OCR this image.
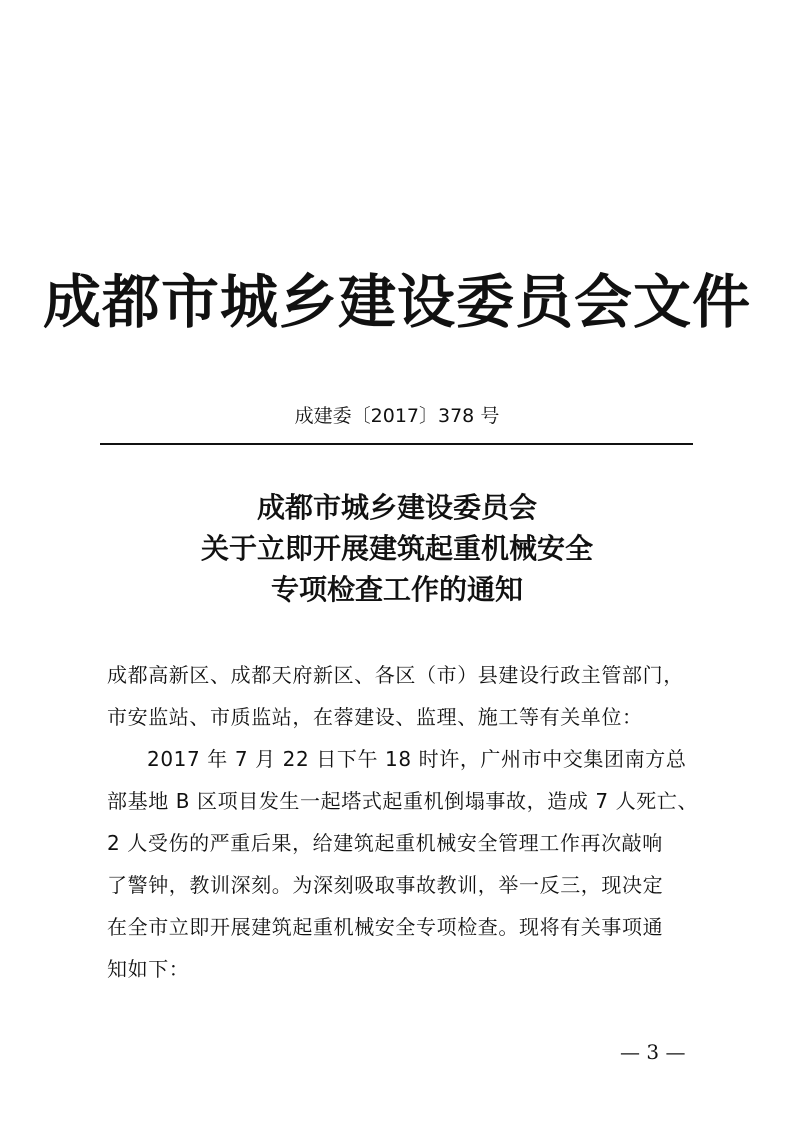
成都市城乡建设委员会文件
成建委〔2017〕378 号
成都市城乡建设委员会
关于立即开展建筑起重机械安全
专项检查工作的通知
成都高新区、成都天府新区、各区（市）县建设行政主管部门，
市安监站、市质监站，在蓉建设、监理、施工等有关单位：
2017 年 7 月 22 日下午 18 时许，广州市中交集团南方总
部基地 B 区项目发生一起塔式起重机倒塌事故，造成 7 人死亡、
2 人受伤的严重后果，给建筑起重机械安全管理工作再次敲响
了警钟，教训深刻。为深刻吸取事故教训，举一反三，现决定
在全市立即开展建筑起重机械安全专项检查。现将有关事项通
知如下：
— 3 —
